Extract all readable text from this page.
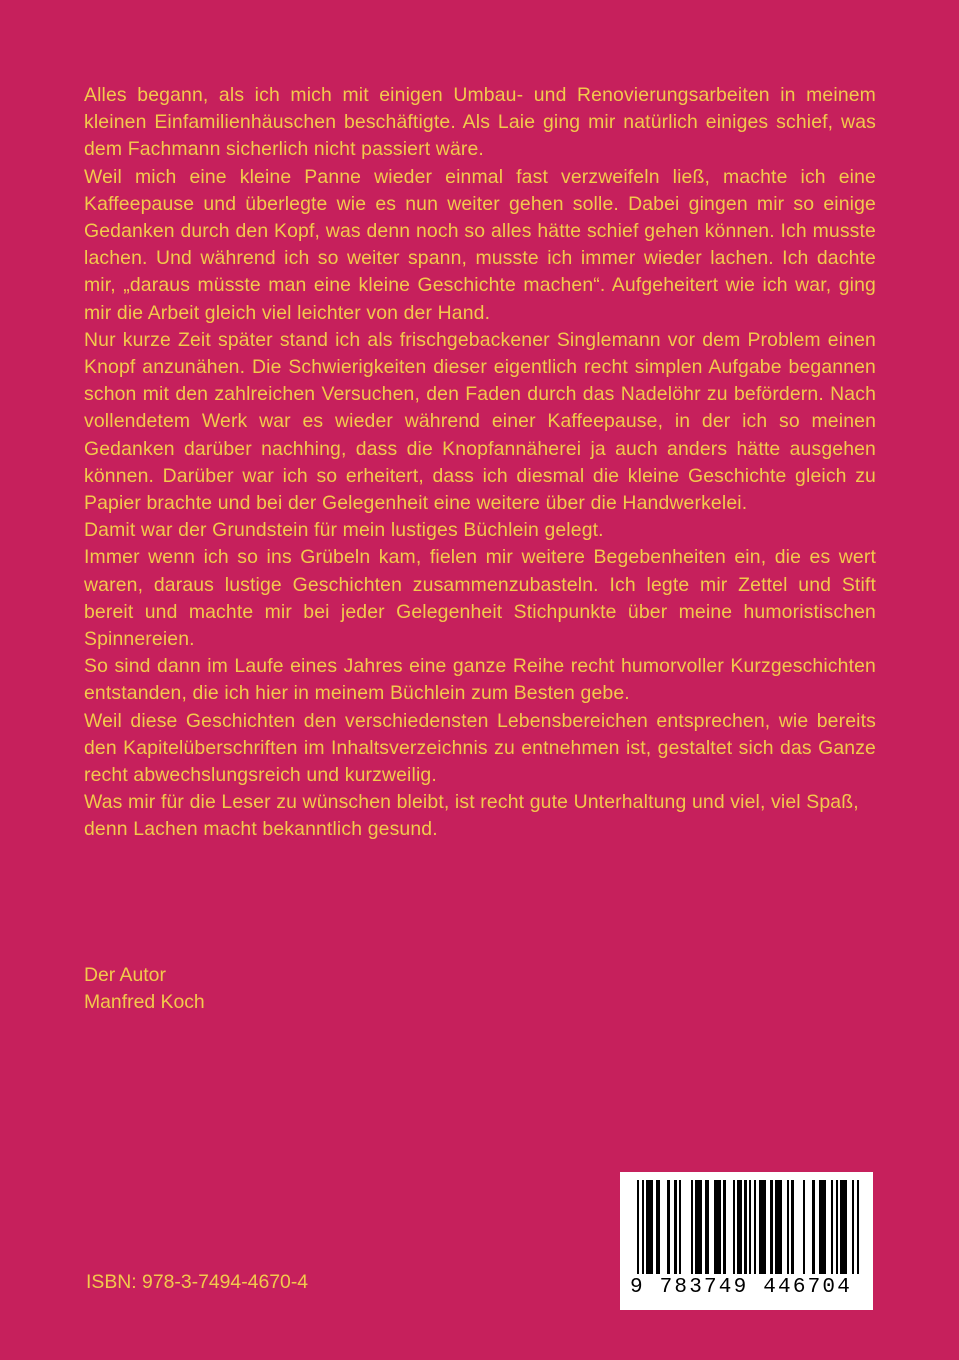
Alles begann, als ich mich mit einigen Umbau- und Renovierungsarbeiten in meinem kleinen Einfamilienhäuschen beschäftigte. Als Laie ging mir natürlich einiges schief, was dem Fachmann sicherlich nicht passiert wäre.

Weil mich eine kleine Panne wieder einmal fast verzweifeln ließ, machte ich eine Kaffeepause und überlegte wie es nun weiter gehen solle. Dabei gingen mir so einige Gedanken durch den Kopf, was denn noch so alles hätte schief gehen können. Ich musste lachen. Und während ich so weiter spann, musste ich immer wieder lachen. Ich dachte mir, „daraus müsste man eine kleine Geschichte machen“. Aufgeheitert wie ich war, ging mir die Arbeit gleich viel leichter von der Hand.

Nur kurze Zeit später stand ich als frischgebackener Singlemann vor dem Problem einen Knopf anzunähen. Die Schwierigkeiten dieser eigentlich recht simplen Aufgabe begannen schon mit den zahlreichen Versuchen, den Faden durch das Nadelöhr zu befördern. Nach vollendetem Werk war es wieder während einer Kaffeepause, in der ich so meinen Gedanken darüber nachhing, dass die Knopfannäherei ja auch anders hätte ausgehen können. Darüber war ich so erheitert, dass ich diesmal die kleine Geschichte gleich zu Papier brachte und bei der Gelegenheit eine weitere über die Handwerkelei.

Damit war der Grundstein für mein lustiges Büchlein gelegt.

Immer wenn ich so ins Grübeln kam, fielen mir weitere Begebenheiten ein, die es wert waren, daraus lustige Geschichten zusammenzubasteln. Ich legte mir Zettel und Stift bereit und machte mir bei jeder Gelegenheit Stichpunkte über meine humoristischen Spinnereien.

So sind dann im Laufe eines Jahres eine ganze Reihe recht humorvoller Kurzgeschichten entstanden, die ich hier in meinem Büchlein zum Besten gebe.

Weil diese Geschichten den verschiedensten Lebensbereichen entsprechen, wie bereits den Kapitelüberschriften im Inhaltsverzeichnis zu entnehmen ist, gestaltet sich das Ganze recht abwechslungsreich und kurzweilig.

Was mir für die Leser zu wünschen bleibt, ist recht gute Unterhaltung und viel, viel Spaß, denn Lachen macht bekanntlich gesund.

Der Autor
Manfred Koch
ISBN: 978-3-7494-4670-4	9 783749 446704
